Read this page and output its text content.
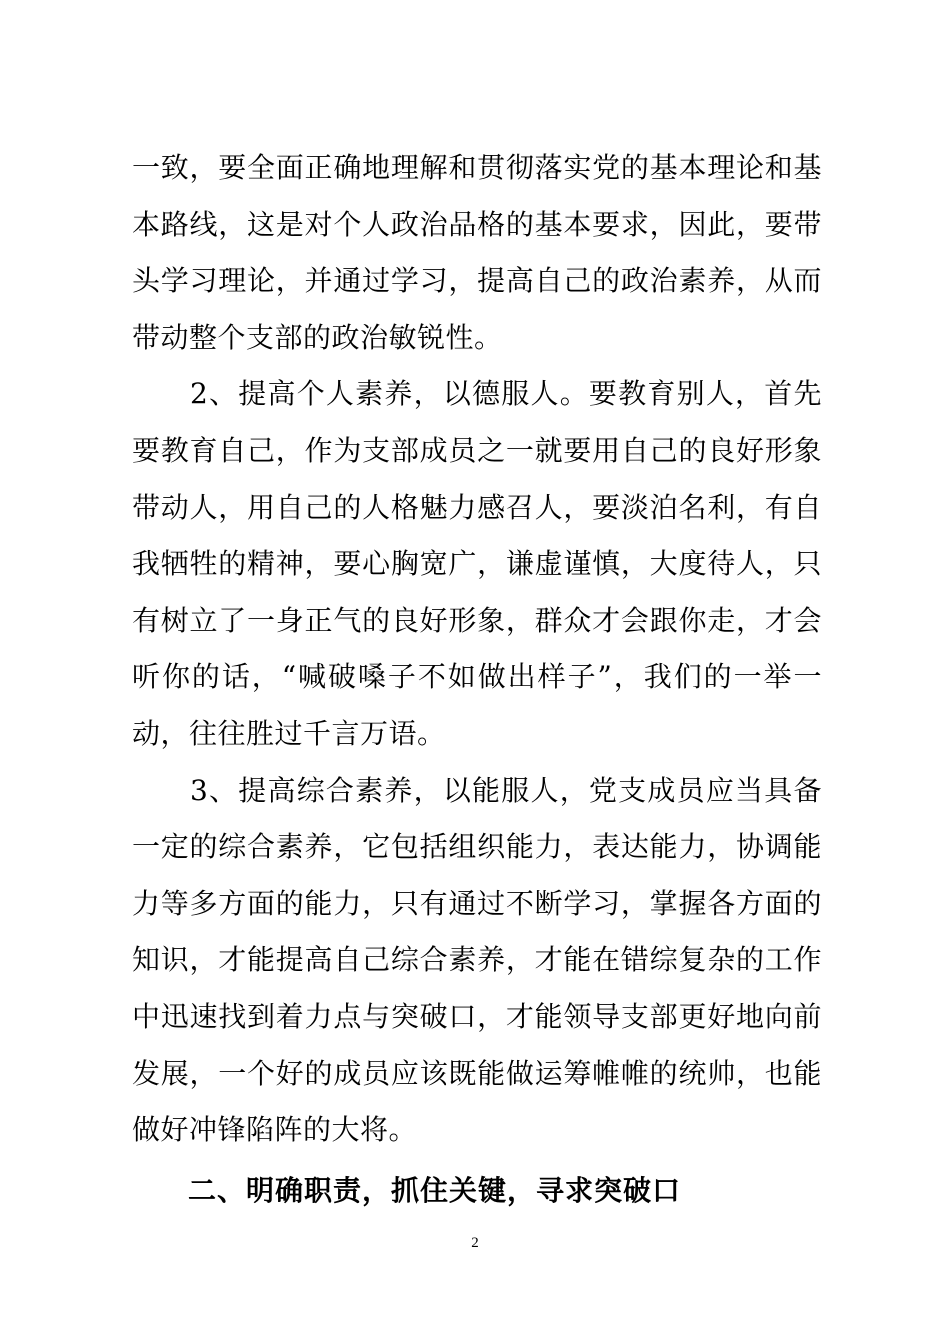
一致，要全面正确地理解和贯彻落实党的基本理论和基本路线，这是对个人政治品格的基本要求，因此，要带头学习理论，并通过学习，提高自己的政治素养，从而带动整个支部的政治敏锐性。

2、提高个人素养，以德服人。要教育别人，首先要教育自己，作为支部成员之一就要用自己的良好形象带动人，用自己的人格魅力感召人，要淡泊名利，有自我牺牲的精神，要心胸宽广，谦虚谨慎，大度待人，只有树立了一身正气的良好形象，群众才会跟你走，才会听你的话，“喊破嗓子不如做出样子”，我们的一举一动，往往胜过千言万语。

3、提高综合素养，以能服人，党支成员应当具备一定的综合素养，它包括组织能力，表达能力，协调能力等多方面的能力，只有通过不断学习，掌握各方面的知识，才能提高自己综合素养，才能在错综复杂的工作中迅速找到着力点与突破口，才能领导支部更好地向前发展，一个好的成员应该既能做运筹帷帷的统帅，也能做好冲锋陷阵的大将。

二、明确职责，抓住关键，寻求突破口

2
